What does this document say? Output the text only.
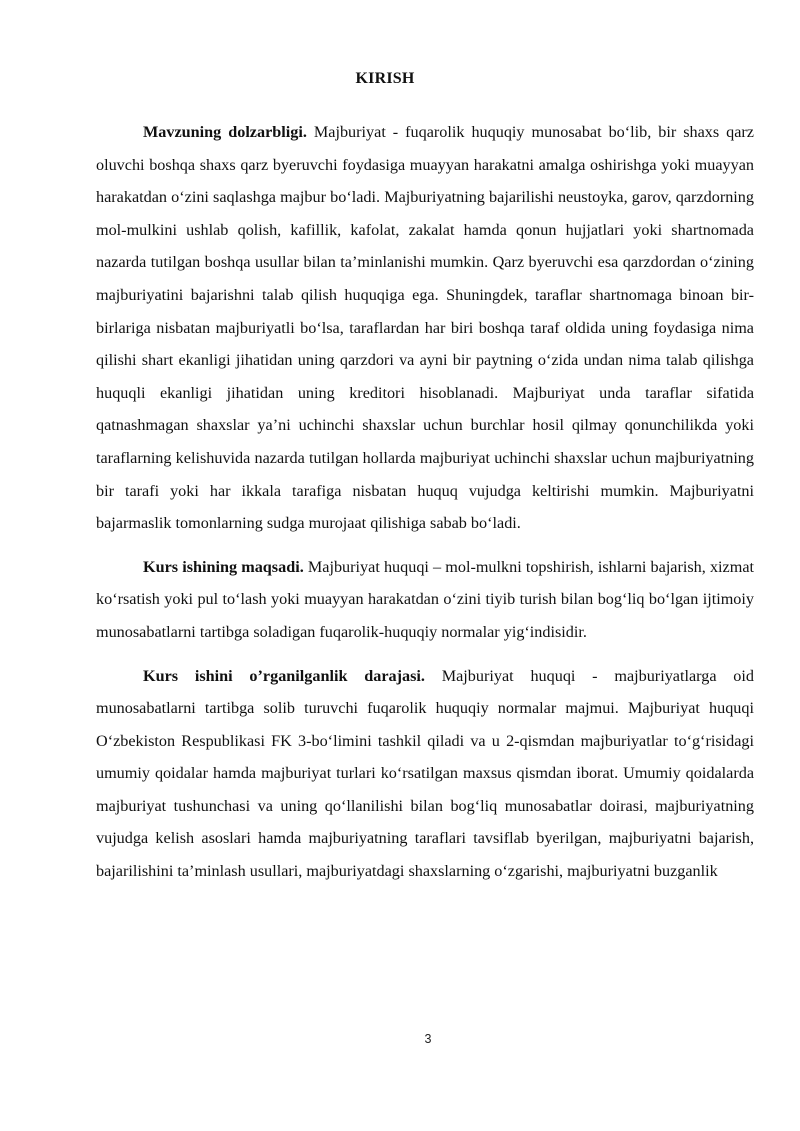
KIRISH

Mavzuning dolzarbligi. Majburiyat - fuqarolik huquqiy munosabat bo‘lib, bir shaxs qarz oluvchi boshqa shaxs qarz byeruvchi foydasiga muayyan harakatni amalga oshirishga yoki muayyan harakatdan o‘zini saqlashga majbur bo‘ladi. Majburiyatning bajarilishi neustoyka, garov, qarzdorning mol-mulkini ushlab qolish, kafillik, kafolat, zakalat hamda qonun hujjatlari yoki shartnomada nazarda tutilgan boshqa usullar bilan ta’minlanishi mumkin. Qarz byeruvchi esa qarzdordan o‘zining majburiyatini bajarishni talab qilish huquqiga ega. Shuningdek, taraflar shartnomaga binoan bir-birlariga nisbatan majburiyatli bo‘lsa, taraflardan har biri boshqa taraf oldida uning foydasiga nima qilishi shart ekanligi jihatidan uning qarzdori va ayni bir paytning o‘zida undan nima talab qilishga huquqli ekanligi jihatidan uning kreditori hisoblanadi. Majburiyat unda taraflar sifatida qatnashmagan shaxslar ya’ni uchinchi shaxslar uchun burchlar hosil qilmay qonunchilikda yoki taraflarning kelishuvida nazarda tutilgan hollarda majburiyat uchinchi shaxslar uchun majburiyatning bir tarafi yoki har ikkala tarafiga nisbatan huquq vujudga keltirishi mumkin. Majburiyatni bajarmaslik tomonlarning sudga murojaat qilishiga sabab bo‘ladi.

Kurs ishining maqsadi. Majburiyat huquqi – mol-mulkni topshirish, ishlarni bajarish, xizmat ko‘rsatish yoki pul to‘lash yoki muayyan harakatdan o‘zini tiyib turish bilan bog‘liq bo‘lgan ijtimoiy munosabatlarni tartibga soladigan fuqarolik-huquqiy normalar yig‘indisidir.

Kurs ishini o’rganilganlik darajasi. Majburiyat huquqi - majburiyatlarga oid munosabatlarni tartibga solib turuvchi fuqarolik huquqiy normalar majmui. Majburiyat huquqi O‘zbekiston Respublikasi FK 3-bo‘limini tashkil qiladi va u 2-qismdan majburiyatlar to‘g‘risidagi umumiy qoidalar hamda majburiyat turlari ko‘rsatilgan maxsus qismdan iborat. Umumiy qoidalarda majburiyat tushunchasi va uning qo‘llanilishi bilan bog‘liq munosabatlar doirasi, majburiyatning vujudga kelish asoslari hamda majburiyatning taraflari tavsiflab byerilgan, majburiyatni bajarish, bajarilishini ta’minlash usullari, majburiyatdagi shaxslarning o‘zgarishi, majburiyatni buzganlik

3
